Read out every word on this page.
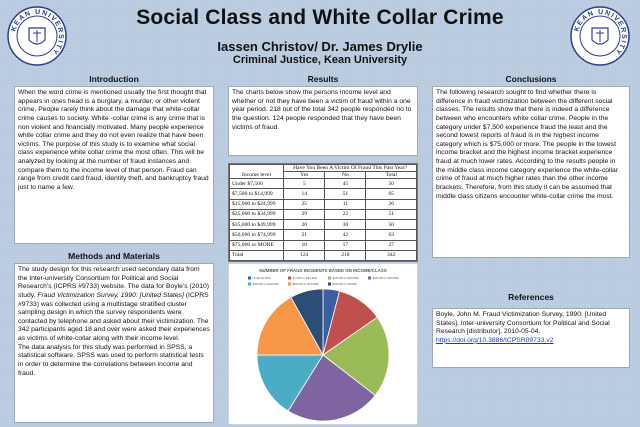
KEAN UNIVERSITY
KEAN UNIVERSITY
Social Class and White Collar Crime
Iassen Christov/ Dr. James Drylie
Criminal Justice, Kean University
Introduction

When the word crime is mentioned usually the first thought that appears in ones head is a burglary, a murder, or other violent crime. People rarely think about the damage that white-collar crime causes to society. White -collar crime is any crime that is non violent and financially motivated. Many people experience white collar crime and they do not even realize that have been victims. The purpose of this study is to examine what social class experience white collar crime the most often. This will be analyzed by looking at the number of fraud instances and compare them to the income level of that person. Fraud can range from credit card fraud, identity theft, and bankruptcy fraud just to name a few.

Methods and Materials

The study design for this research used secondary data from the Inter-university Consortium for Political and Social Research’s (ICPRS #9733) website. The data for Boyle’s (2010) study, Fraud Victimization Survey, 1990: [United States] (ICPRS #9733) was collected using a multistage stratified cluster sampling design in which the survey respondents were contacted by telephone and asked about their victimization. The 342 participants aged 18 and over were asked their experiences as victims of white-collar along with their income level.

The data analysis for this study was performed in SPSS, a statistical software. SPSS was used to perform statistical tests in order to determine the correlations between income and fraud.

Results

The charts below show the persons income level and whether or not they have been a victim of fraud within a one year period. 218 out of the total 342 people responded no to the question. 124 people responded that they have been victims of fraud.

Income level	Have You Been A Victim Of Fraud This Past Year?		
	Yes	No	Total
Under $7,500	5	45	50
$7,500 to $14,999	14	51	65
$15,000 to $24,999	25	11	36
$25,000 to $34,999	29	22	51
$35,000 to $49,999	20	30	50
$50,000 to $74,999	21	42	63
$75,000 or MORE	10	17	27
Total	124	218	342
NUMBER OF FRAUD INCIDENTS BASED ON INCOME/CLASS
Under $7,500	$7,500 to $14,999	$15,000 to $24,999	$25,000 to $34,999
$35,000 to $49,999	$50,000 to $74,999	$75,000 or MORE
Conclusions

The following research sought to find whether there is difference in fraud victimization between the different social classes. The results show that there is indeed a difference between who encounters white collar crime. People in the category under $7,500 experience fraud the least and the second lowest reports of fraud is in the highest income category which is $75,000 or more. The people in the lowest income bracket and the highest income bracket experience fraud at much lower rates. According to the results people in the middle class income category experience the white-collar crime of fraud at much higher rates than the other income brackets. Therefore, from this study it can be assumed that middle class citizens encounter white-collar crime the most.

References

Boyle, John M. Fraud Victimization Survey, 1990: [United States]. Inter-university Consortium for Political and Social Research [distributor], 2010-05-04.

https://doi.org/10.3886/ICPSR09733.v2
